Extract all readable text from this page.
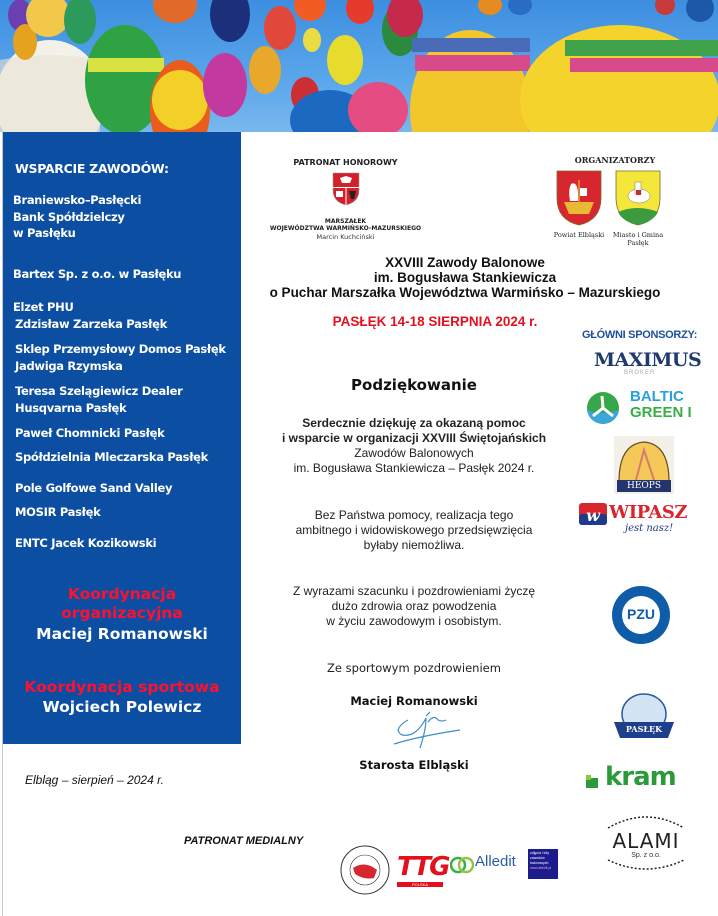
WSPARCIE ZAWODÓW:
Braniewsko–Pasłęcki
Bank Spółdzielczy
w Pasłęku
Bartex Sp. z o.o. w Pasłęku
Elzet PHU
Zdzisław Zarzeka Pasłęk
Sklep Przemysłowy Domos Pasłęk
Jadwiga Rzymska
Teresa Szelągiewicz Dealer
Husqvarna Pasłęk
Paweł Chomnicki Pasłęk
Spółdzielnia Mleczarska Pasłęk
Pole Golfowe Sand Valley
MOSIR Pasłęk
ENTC Jacek Kozikowski
Koordynacja
organizacyjna
Maciej Romanowski
Koordynacja sportowa
Wojciech Polewicz
PATRONAT HONOROWY
MARSZAŁEK
WOJEWÓDZTWA WARMIŃSKO-MAZURSKIEGO
Marcin Kuchciński
ORGANIZATORZY
Powiat Elbląski	Miasto i Gmina Pasłęk
XXVIII Zawody Balonowe
im. Bogusława Stankiewicza
o Puchar Marszałka Województwa Warmińsko – Mazurskiego
PASŁĘK 14-18 SIERPNIA 2024 r.
Podziękowanie
Serdecznie dziękuję za okazaną pomoc
i wsparcie w organizacji XXVIII Świętojańskich
Zawodów Balonowych
im. Bogusława Stankiewicza – Pasłęk 2024 r.
Bez Państwa pomocy, realizacja tego
ambitnego i widowiskowego przedsięwzięcia
byłaby niemożliwa.
Z wyrazami szacunku i pozdrowieniami życzę
dużo zdrowia oraz powodzenia
w życiu zawodowym i osobistym.
Ze sportowym pozdrowieniem
Maciej Romanowski
Starosta Elbląski
Elbląg – sierpień – 2024 r.
GŁÓWNI SPONSORZY:
MAXIMUS
BROKER
BALTIC
GREEN I
HEOPS
w WIPASZ
jest nasz!
PZU
PASŁĘK
kram
ALAMI
Sp. z o.o.
PATRONAT MEDIALNY
TTG
POLSKA
Alledit	zdjęcia i loty
zawodów
balonowych
www.alledit.pl
